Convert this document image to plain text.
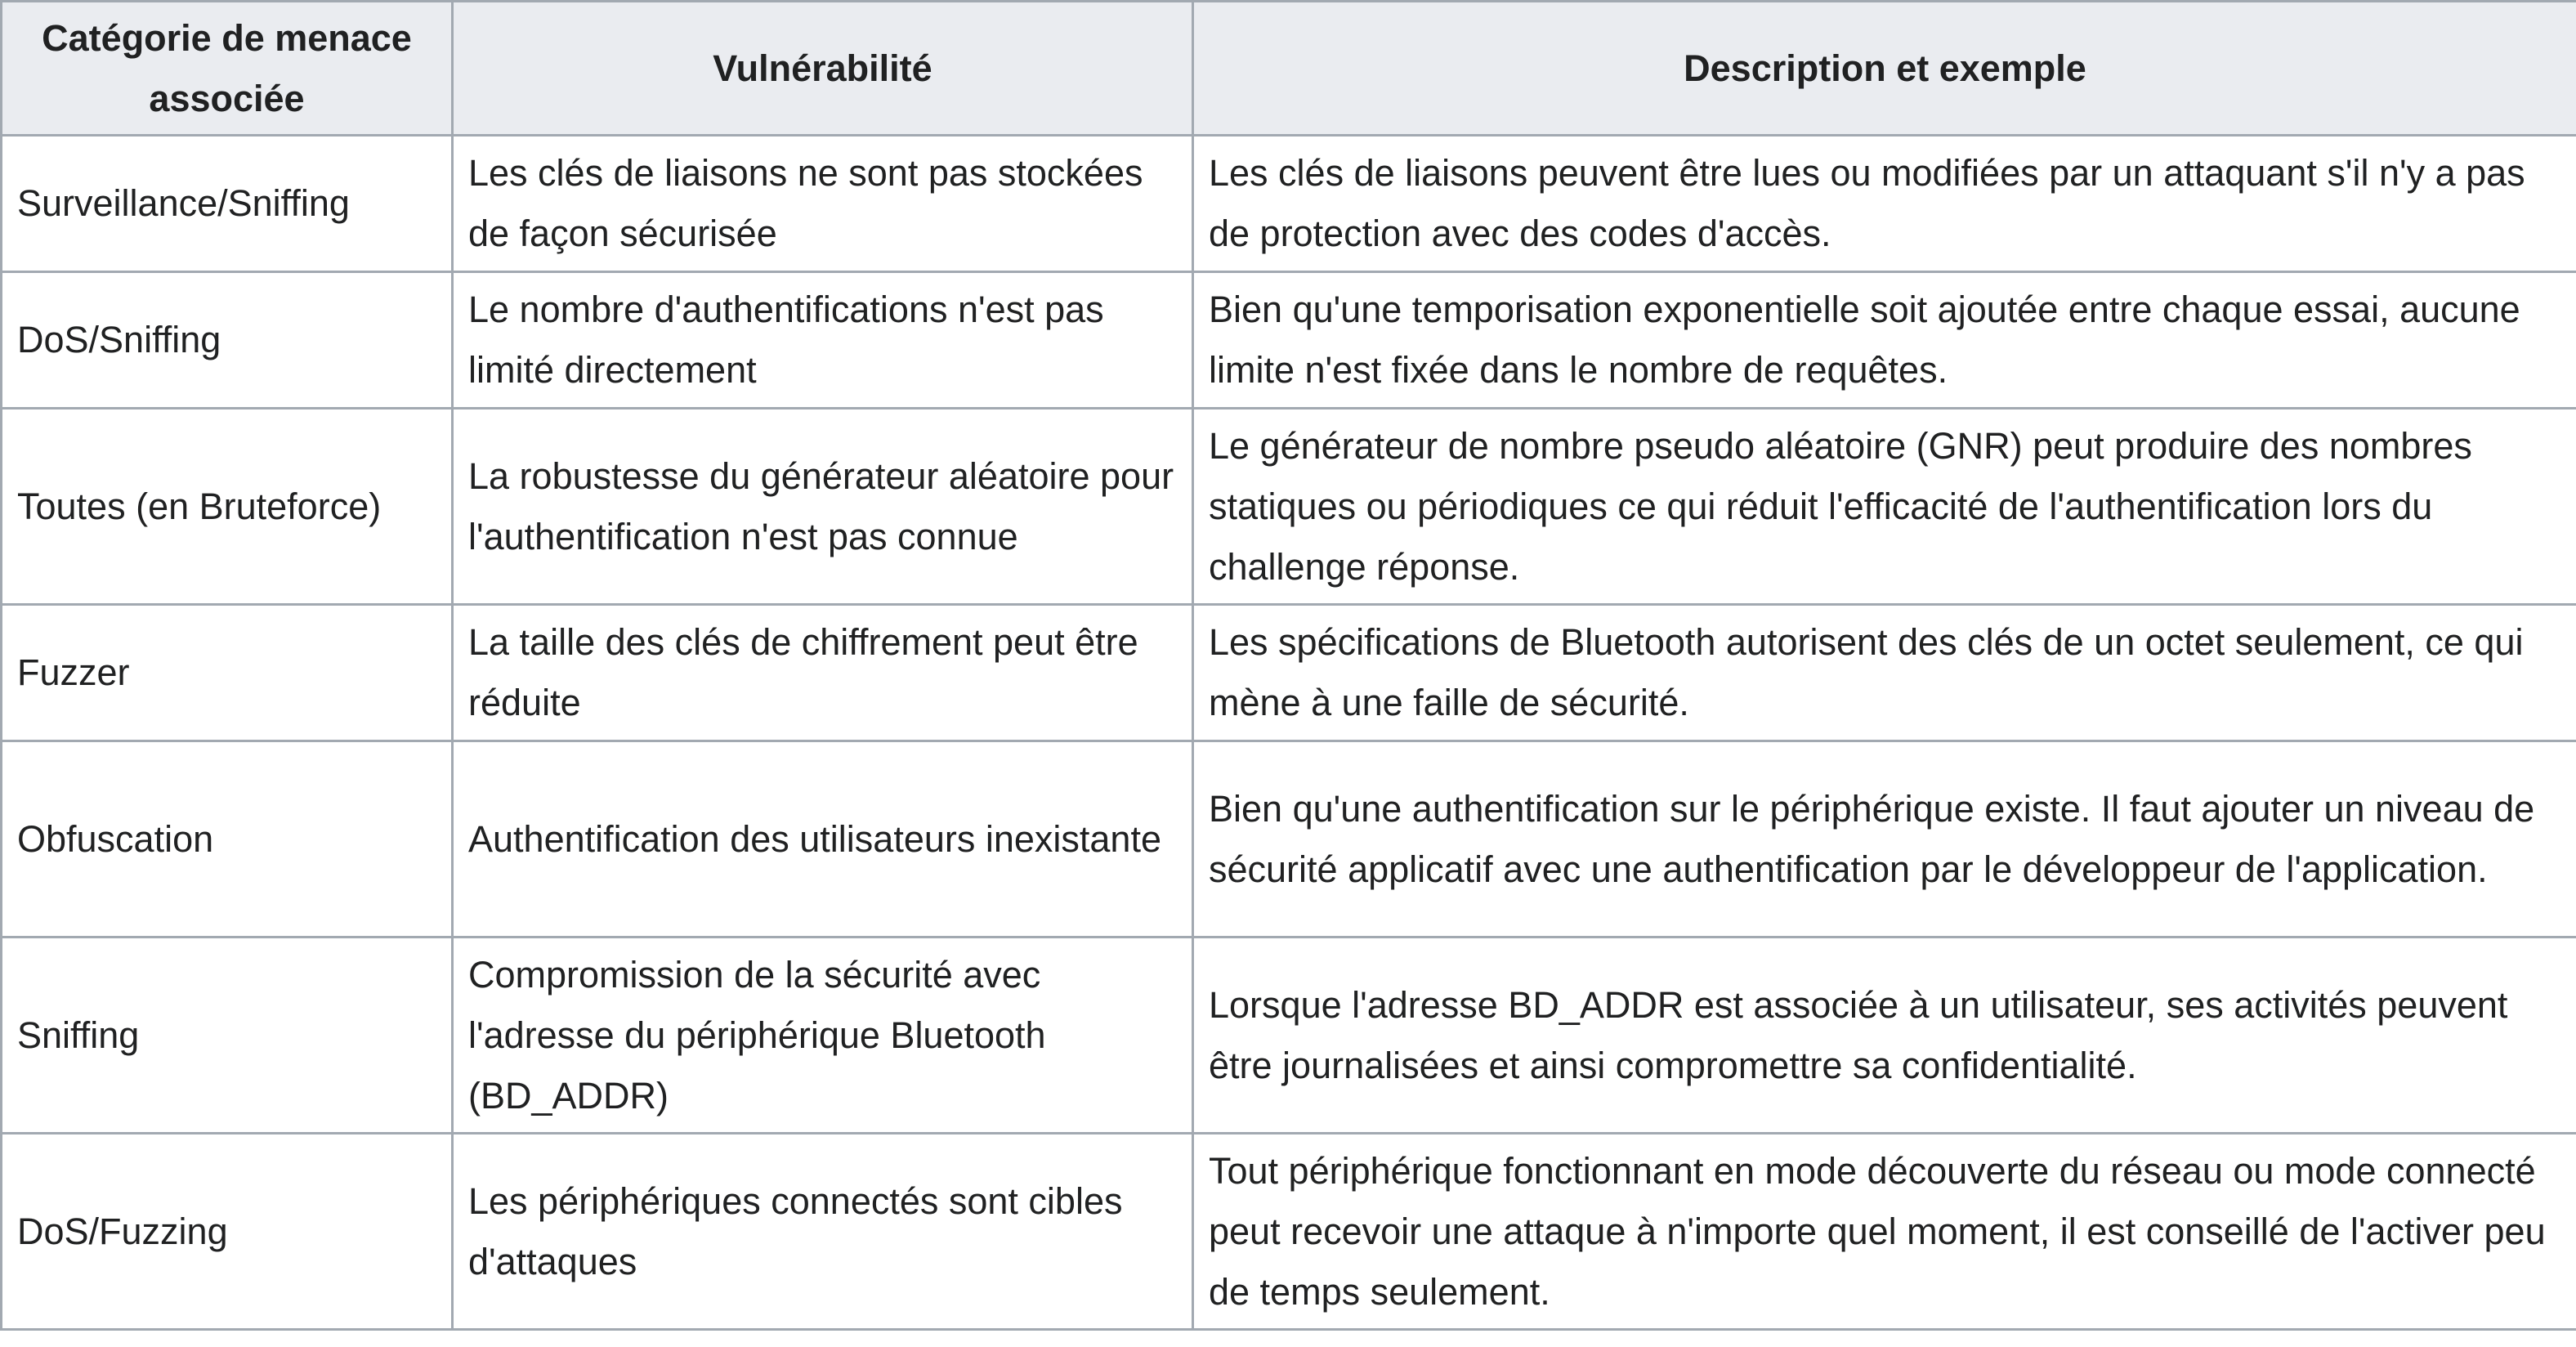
Catégorie de menace associée	Vulnérabilité	Description et exemple
Surveillance/Sniffing	Les clés de liaisons ne sont pas stockées de façon sécurisée	Les clés de liaisons peuvent être lues ou modifiées par un attaquant s'il n'y a pas de protection avec des codes d'accès.
DoS/Sniffing	Le nombre d'authentifications n'est pas limité directement	Bien qu'une temporisation exponentielle soit ajoutée entre chaque essai, aucune limite n'est fixée dans le nombre de requêtes.
Toutes (en Bruteforce)	La robustesse du générateur aléatoire pour l'authentification n'est pas connue	Le générateur de nombre pseudo aléatoire (GNR) peut produire des nombres statiques ou périodiques ce qui réduit l'efficacité de l'authentification lors du challenge réponse.
Fuzzer	La taille des clés de chiffrement peut être réduite	Les spécifications de Bluetooth autorisent des clés de un octet seulement, ce qui mène à une faille de sécurité.
Obfuscation	Authentification des utilisateurs inexistante	Bien qu'une authentification sur le périphérique existe. Il faut ajouter un niveau de sécurité applicatif avec une authentification par le développeur de l'application.
Sniffing	Compromission de la sécurité avec l'adresse du périphérique Bluetooth (BD_ADDR)	Lorsque l'adresse BD_ADDR est associée à un utilisateur, ses activités peuvent être journalisées et ainsi compromettre sa confidentialité.
DoS/Fuzzing	Les périphériques connectés sont cibles d'attaques	Tout périphérique fonctionnant en mode découverte du réseau ou mode connecté peut recevoir une attaque à n'importe quel moment, il est conseillé de l'activer peu de temps seulement.
